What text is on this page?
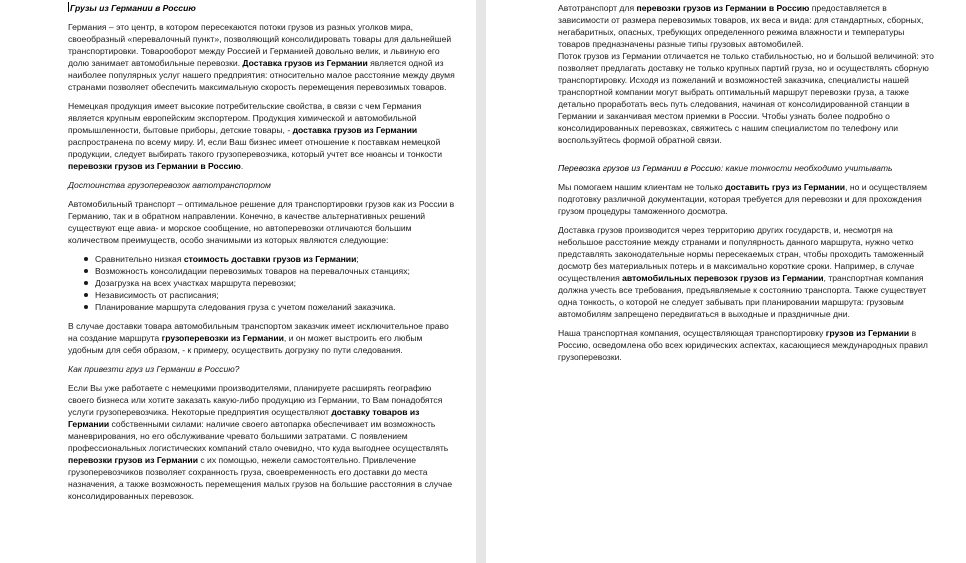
Грузы из Германии в Россию

Германия – это центр, в котором пересекаются потоки грузов из разных уголков мира, своеобразный «перевалочный пункт», позволяющий консолидировать товары для дальнейшей транспортировки. Товарооборот между Россией и Германией довольно велик, и львиную его долю занимает автомобильные перевозки. Доставка грузов из Германии является одной из наиболее популярных услуг нашего предприятия: относительно малое расстояние между двумя странами позволяет обеспечить максимальную скорость перемещения перевозимых товаров.

Немецкая продукция имеет высокие потребительские свойства, в связи с чем Германия является крупным европейским экспортером. Продукция химической и автомобильной промышленности, бытовые приборы, детские товары, - доставка грузов из Германии распространена по всему миру. И, если Ваш бизнес имеет отношение к поставкам немецкой продукции, следует выбирать такого грузоперевозчика, который учтет все нюансы и тонкости перевозки грузов из Германии в Россию.

Достоинства грузоперевозок автотранспортом

Автомобильный транспорт – оптимальное решение для транспортировки грузов как из России в Германию, так и в обратном направлении. Конечно, в качестве альтернативных решений существуют еще авиа- и морское сообщение, но автоперевозки отличаются большим количеством преимуществ, особо значимыми из которых являются следующие:

Сравнительно низкая стоимость доставки грузов из Германии;
Возможность консолидации перевозимых товаров на перевалочных станциях;
Дозагрузка на всех участках маршрута перевозки;
Независимость от расписания;
Планирование маршрута следования груза с учетом пожеланий заказчика.

В случае доставки товара автомобильным транспортом заказчик имеет исключительное право на создание маршрута грузоперевозки из Германии, и он может выстроить его любым удобным для себя образом, - к примеру, осуществить догрузку по пути следования.

Как привезти груз из Германии в Россию?

Если Вы уже работаете с немецкими производителями, планируете расширять географию своего бизнеса или хотите заказать какую-либо продукцию из Германии, то Вам понадобятся услуги грузоперевозчика. Некоторые предприятия осуществляют доставку товаров из Германии собственными силами: наличие своего автопарка обеспечивает им возможность маневрирования, но его обслуживание чревато большими затратами. С появлением профессиональных логистических компаний стало очевидно, что куда выгоднее осуществлять перевозки грузов из Германии с их помощью, нежели самостоятельно. Привлечение грузоперевозчиков позволяет сохранность груза, своевременность его доставки до места назначения, а также возможность перемещения малых грузов на большие расстояния в случае консолидированных перевозок.

Автотранспорт для перевозки грузов из Германии в Россию предоставляется в зависимости от размера перевозимых товаров, их веса и вида: для стандартных, сборных, негабаритных, опасных, требующих определенного режима влажности и температуры товаров предназначены разные типы грузовых автомобилей.

Поток грузов из Германии отличается не только стабильностью, но и большой величиной: это позволяет предлагать доставку не только крупных партий груза, но и осуществлять сборную транспортировку. Исходя из пожеланий и возможностей заказчика, специалисты нашей транспортной компании могут выбрать оптимальный маршрут перевозки груза, а также детально проработать весь путь следования, начиная от консолидированной станции в Германии и заканчивая местом приемки в России. Чтобы узнать более подробно о консолидированных перевозках, свяжитесь с нашим специалистом по телефону или воспользуйтесь формой обратной связи.

Перевозка грузов из Германии в Россию: какие тонкости необходимо учитывать

Мы помогаем нашим клиентам не только доставить груз из Германии, но и осуществляем подготовку различной документации, которая требуется для перевозки и для прохождения грузом процедуры таможенного досмотра.

Доставка грузов производится через территорию других государств, и, несмотря на небольшое расстояние между странами и популярность данного маршрута, нужно четко представлять законодательные нормы пересекаемых стран, чтобы проходить таможенный досмотр без материальных потерь и в максимально короткие сроки. Например, в случае осуществления автомобильных перевозок грузов из Германии, транспортная компания должна учесть все требования, предъявляемые к состоянию транспорта. Также существует одна тонкость, о которой не следует забывать при планировании маршрута: грузовым автомобилям запрещено передвигаться в выходные и праздничные дни.

Наша транспортная компания, осуществляющая транспортировку грузов из Германии в Россию, осведомлена обо всех юридических аспектах, касающиеся международных правил грузоперевозки.
